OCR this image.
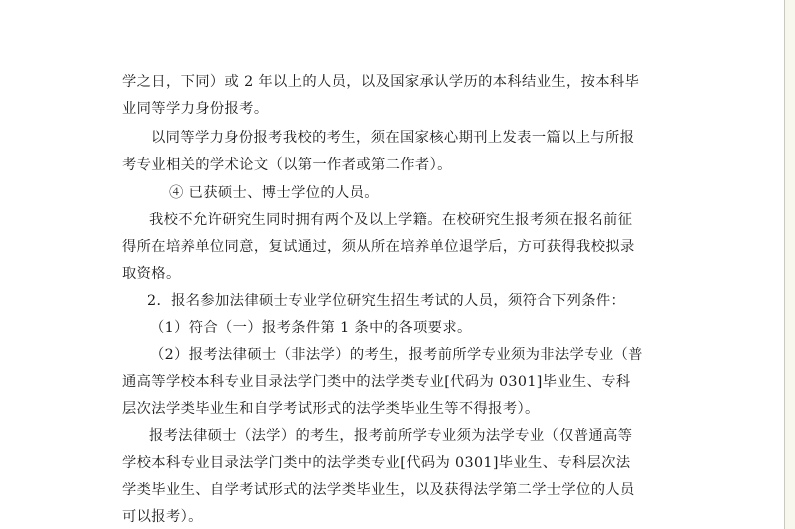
学之日，下同）或 2 年以上的人员，以及国家承认学历的本科结业生，按本科毕
业同等学力身份报考。
以同等学力身份报考我校的考生，须在国家核心期刊上发表一篇以上与所报
考专业相关的学术论文（以第一作者或第二作者）。
④ 已获硕士、博士学位的人员。
我校不允许研究生同时拥有两个及以上学籍。在校研究生报考须在报名前征
得所在培养单位同意，复试通过，须从所在培养单位退学后，方可获得我校拟录
取资格。
2．报名参加法律硕士专业学位研究生招生考试的人员，须符合下列条件：
（1）符合（一）报考条件第 1 条中的各项要求。
（2）报考法律硕士（非法学）的考生，报考前所学专业须为非法学专业（普
通高等学校本科专业目录法学门类中的法学类专业[代码为 0301]毕业生、专科
层次法学类毕业生和自学考试形式的法学类毕业生等不得报考）。
报考法律硕士（法学）的考生，报考前所学专业须为法学专业（仅普通高等
学校本科专业目录法学门类中的法学类专业[代码为 0301]毕业生、专科层次法
学类毕业生、自学考试形式的法学类毕业生，以及获得法学第二学士学位的人员
可以报考）。
